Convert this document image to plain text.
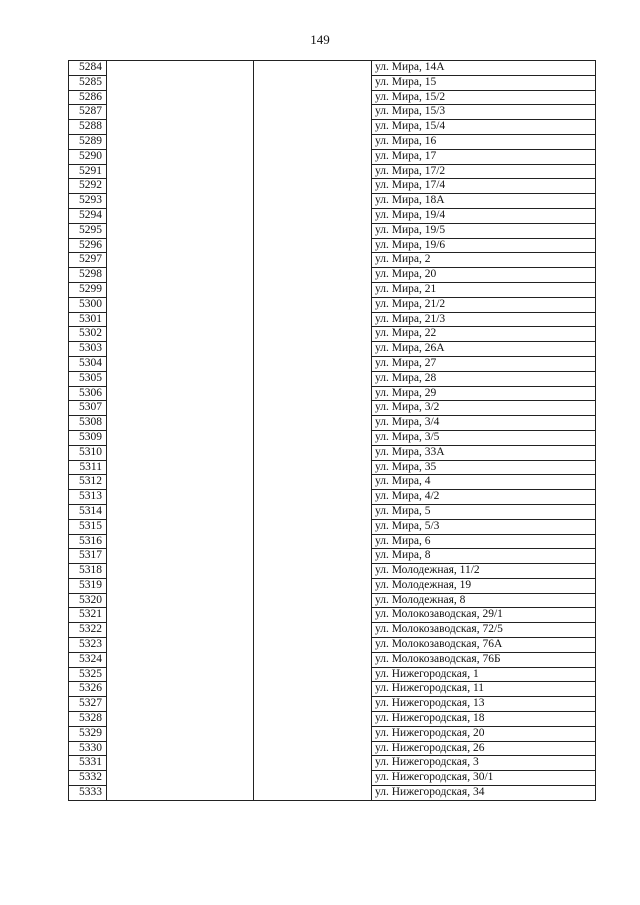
149
5284			ул. Мира, 14А
5285			ул. Мира, 15
5286			ул. Мира, 15/2
5287			ул. Мира, 15/3
5288			ул. Мира, 15/4
5289			ул. Мира, 16
5290			ул. Мира, 17
5291			ул. Мира, 17/2
5292			ул. Мира, 17/4
5293			ул. Мира, 18А
5294			ул. Мира, 19/4
5295			ул. Мира, 19/5
5296			ул. Мира, 19/6
5297			ул. Мира, 2
5298			ул. Мира, 20
5299			ул. Мира, 21
5300			ул. Мира, 21/2
5301			ул. Мира, 21/3
5302			ул. Мира, 22
5303			ул. Мира, 26А
5304			ул. Мира, 27
5305			ул. Мира, 28
5306			ул. Мира, 29
5307			ул. Мира, 3/2
5308			ул. Мира, 3/4
5309			ул. Мира, 3/5
5310			ул. Мира, 33А
5311			ул. Мира, 35
5312			ул. Мира, 4
5313			ул. Мира, 4/2
5314			ул. Мира, 5
5315			ул. Мира, 5/3
5316			ул. Мира, 6
5317			ул. Мира, 8
5318			ул. Молодежная, 11/2
5319			ул. Молодежная, 19
5320			ул. Молодежная, 8
5321			ул. Молокозаводская, 29/1
5322			ул. Молокозаводская, 72/5
5323			ул. Молокозаводская, 76А
5324			ул. Молокозаводская, 76Б
5325			ул. Нижегородская, 1
5326			ул. Нижегородская, 11
5327			ул. Нижегородская, 13
5328			ул. Нижегородская, 18
5329			ул. Нижегородская, 20
5330			ул. Нижегородская, 26
5331			ул. Нижегородская, 3
5332			ул. Нижегородская, 30/1
5333			ул. Нижегородская, 34
